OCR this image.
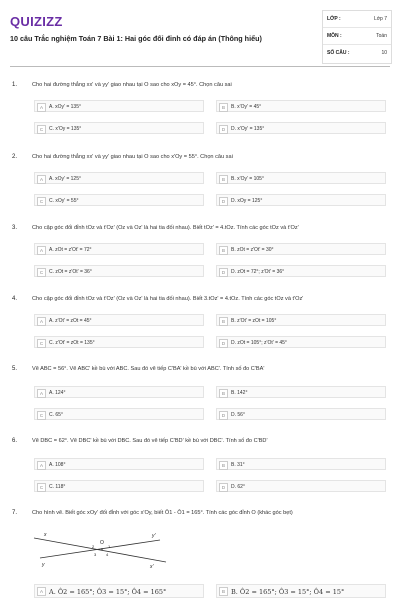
QUIZIZZ
10 câu Trắc nghiệm Toán 7 Bài 1: Hai góc đối đỉnh có đáp án (Thông hiểu)
LỚP :	Lớp 7
MÔN :	Toán
SỐ CÂU :	10
1.	Cho hai đường thẳng xx' và yy' giao nhau tại O sao cho xOy = 45°. Chọn câu sai
A	A. xOy' = 135°	B	B. x'Oy' = 45°
C	C. x'Oy = 135°	D	D. x'Oy' = 135°
2.	Cho hai đường thẳng xx' và yy' giao nhau tại O sao cho x'Oy = 55°. Chọn câu sai
A	A. xOy' = 125°	B	B. x'Oy' = 105°
C	C. xOy' = 55°	D	D. xOy = 125°
3.	Cho cặp góc đối đỉnh tOz và t'Oz' (Oz và Oz' là hai tia đối nhau). Biết tOz' = 4.tOz. Tính các góc tOz và t'Oz'
A	A. zOt = z'Ot' = 72°	B	B. zOt = z'Ot' = 30°
C	C. zOt = z'Ot' = 36°	D	D. zOt = 72°; z'Ot' = 36°
4.	Cho cặp góc đối đỉnh tOz và t'Oz' (Oz và Oz' là hai tia đối nhau). Biết 3.tOz' = 4.tOz. Tính các góc tOz và t'Oz'
A	A. z'Ot' = zOt = 45°	B	B. z'Ot' = zOt = 105°
C	C. z'Ot' = zOt = 135°	D	D. zOt = 105°; z'Ot' = 45°
5.	Vẽ ABC = 56°. Vẽ ABC' kề bù với ABC. Sau đó vẽ tiếp C'BA' kề bù với ABC'. Tính số đo C'BA'
A	A. 124°	B	B. 142°
C	C. 65°	D	D. 56°
6.	Vẽ DBC = 62°. Vẽ DBC' kề bù với DBC. Sau đó vẽ tiếp C'BD' kề bù với DBC'. Tính số đo C'BD'
A	A. 108°	B	B. 31°
C	C. 118°	D	D. 62°
7.	Cho hình vẽ. Biết góc xOy' đối đỉnh với góc x'Oy, biết Ô1 - Ô1 = 165°. Tính các góc đỉnh O (khác góc bẹt)
x	y'
O
1
2
3 4
y	x'
A A. Ô2 = 165°; Ô3 = 15°; Ô4 = 165°	B B. Ô2 = 165°; Ô3 = 15°; Ô4 = 15°
